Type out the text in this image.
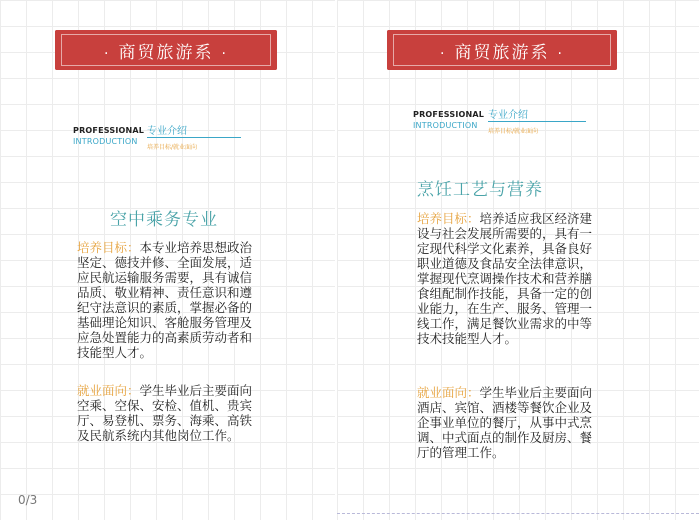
· 商贸旅游系 ·
PROFESSIONAL
INTRODUCTION
专业介绍
培养目标/就业面向
空中乘务专业
培养目标：本专业培养思想政治坚定、德技并修、全面发展，适应民航运输服务需要，具有诚信品质、敬业精神、责任意识和遵纪守法意识的素质，掌握必备的基础理论知识、客舱服务管理及应急处置能力的高素质劳动者和技能型人才。
就业面向：学生毕业后主要面向空乘、空保、安检、值机、贵宾厅、易登机、票务、海乘、高铁及民航系统内其他岗位工作。
· 商贸旅游系 ·
PROFESSIONAL
INTRODUCTION
专业介绍
培养目标/就业面向
烹饪工艺与营养
培养目标：培养适应我区经济建设与社会发展所需要的，具有一定现代科学文化素养，具备良好职业道德及食品安全法律意识，掌握现代烹调操作技术和营养膳食组配制作技能，具备一定的创业能力，在生产、服务、管理一线工作，满足餐饮业需求的中等技术技能型人才。
就业面向：学生毕业后主要面向酒店、宾馆、酒楼等餐饮企业及企事业单位的餐厅，从事中式烹调、中式面点的制作及厨房、餐厅的管理工作。
0/3
